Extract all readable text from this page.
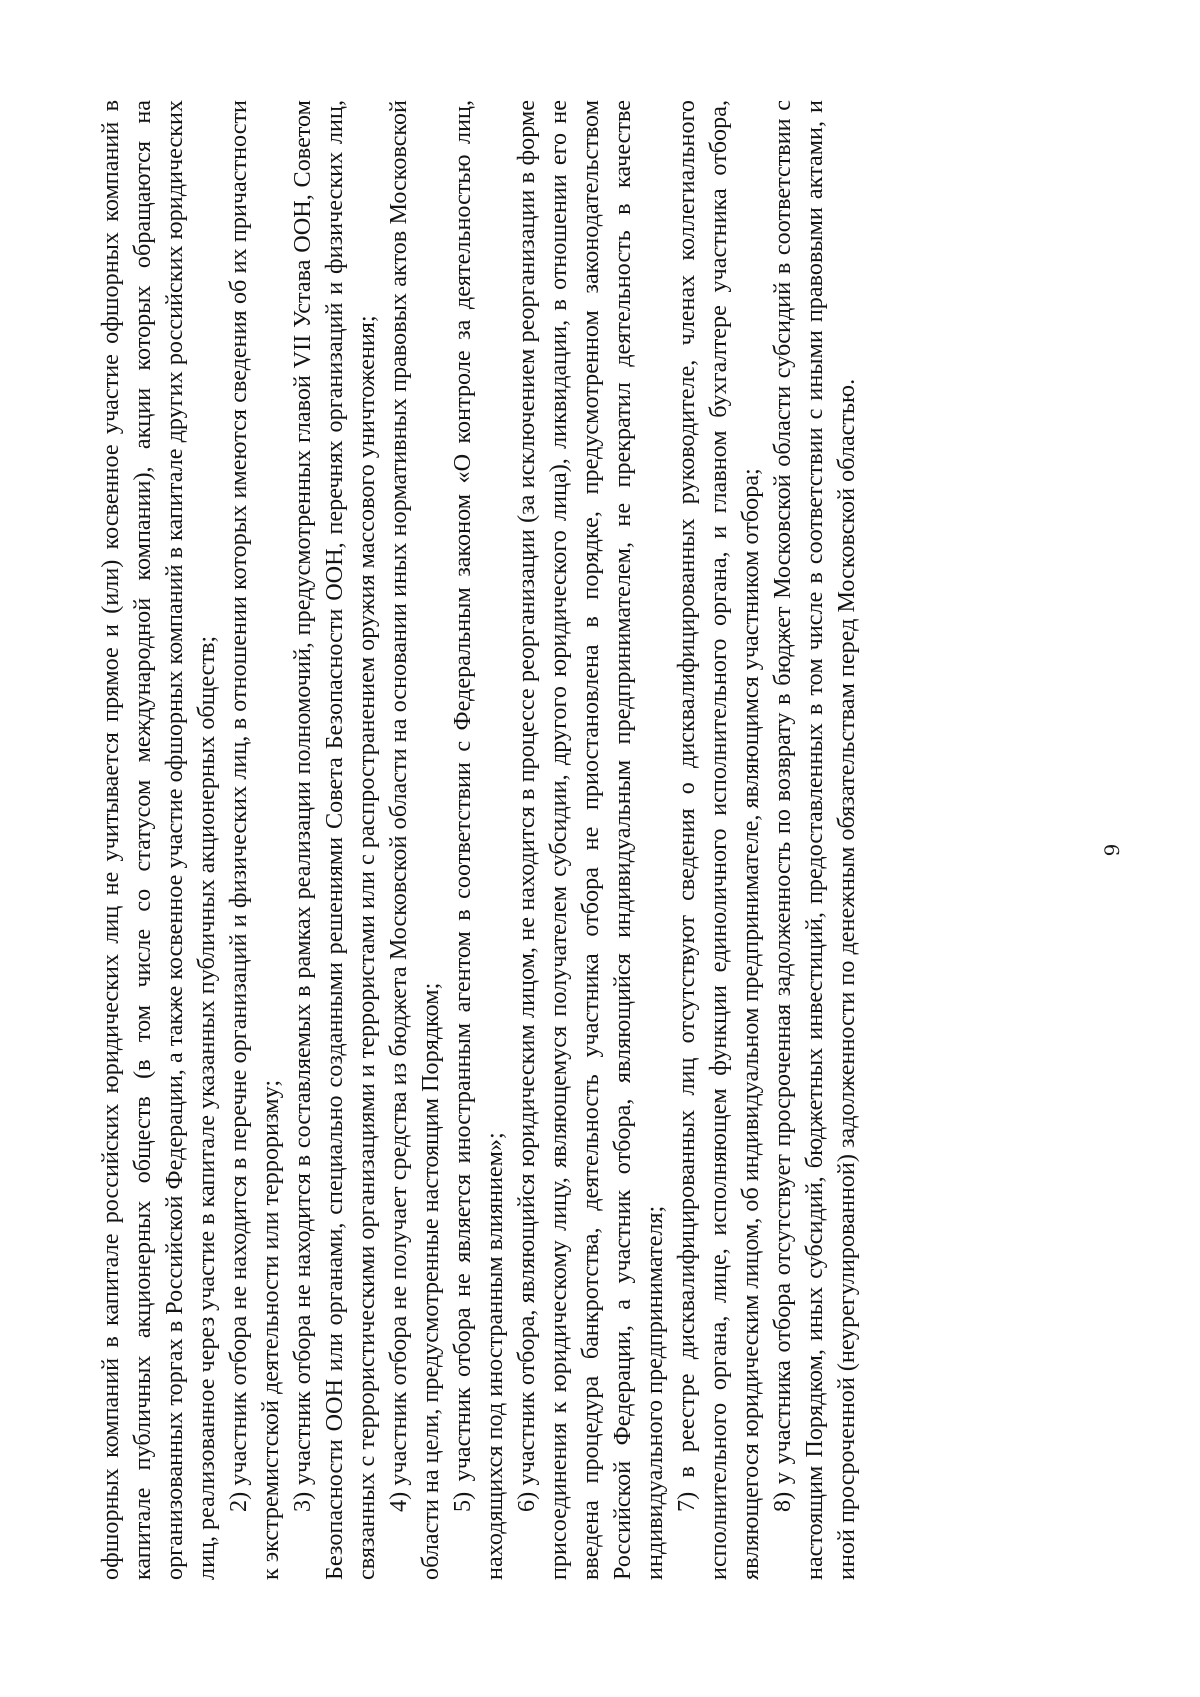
9

офшорных компаний в капитале российских юридических лиц не учитывается прямое и (или) косвенное участие офшорных компаний в капитале публичных акционерных обществ (в том числе со статусом международной компании), акции которых обращаются на организованных торгах в Российской Федерации, а также косвенное участие офшорных компаний в капитале других российских юридических лиц, реализованное через участие в капитале указанных публичных акционерных обществ; 2) участник отбора не находится в перечне организаций и физических лиц, в отношении которых имеются сведения об их причастности к экстремистской деятельности или терроризму; 3) участник отбора не находится в составляемых в рамках реализации полномочий, предусмотренных главой VII Устава ООН, Советом Безопасности ООН или органами, специально созданными решениями Совета Безопасности ООН, перечнях организаций и физических лиц, связанных с террористическими организациями и террористами или с распространением оружия массового уничтожения; 4) участник отбора не получает средства из бюджета Московской области на основании иных нормативных правовых актов Московской области на цели, предусмотренные настоящим Порядком; 5) участник отбора не является иностранным агентом в соответствии с Федеральным законом «О контроле за деятельностью лиц, находящихся под иностранным влиянием»; 6) участник отбора, являющийся юридическим лицом, не находится в процессе реорганизации (за исключением реорганизации в форме присоединения к юридическому лицу, являющемуся получателем субсидии, другого юридического лица), ликвидации, в отношении его не введена процедура банкротства, деятельность участника отбора не приостановлена в порядке, предусмотренном законодательством Российской Федерации, а участник отбора, являющийся индивидуальным предпринимателем, не прекратил деятельность в качестве индивидуального предпринимателя; 7) в реестре дисквалифицированных лиц отсутствуют сведения о дисквалифицированных руководителе, членах коллегиального исполнительного органа, лице, исполняющем функции единоличного исполнительного органа, и главном бухгалтере участника отбора, являющегося юридическим лицом, об индивидуальном предпринимателе, являющимся участником отбора; 8) у участника отбора отсутствует просроченная задолженность по возврату в бюджет Московской области субсидий в соответствии с настоящим Порядком, иных субсидий, бюджетных инвестиций, предоставленных в том числе в соответствии с иными правовыми актами, и иной просроченной (неурегулированной) задолженности по денежным обязательствам перед Московской областью.
